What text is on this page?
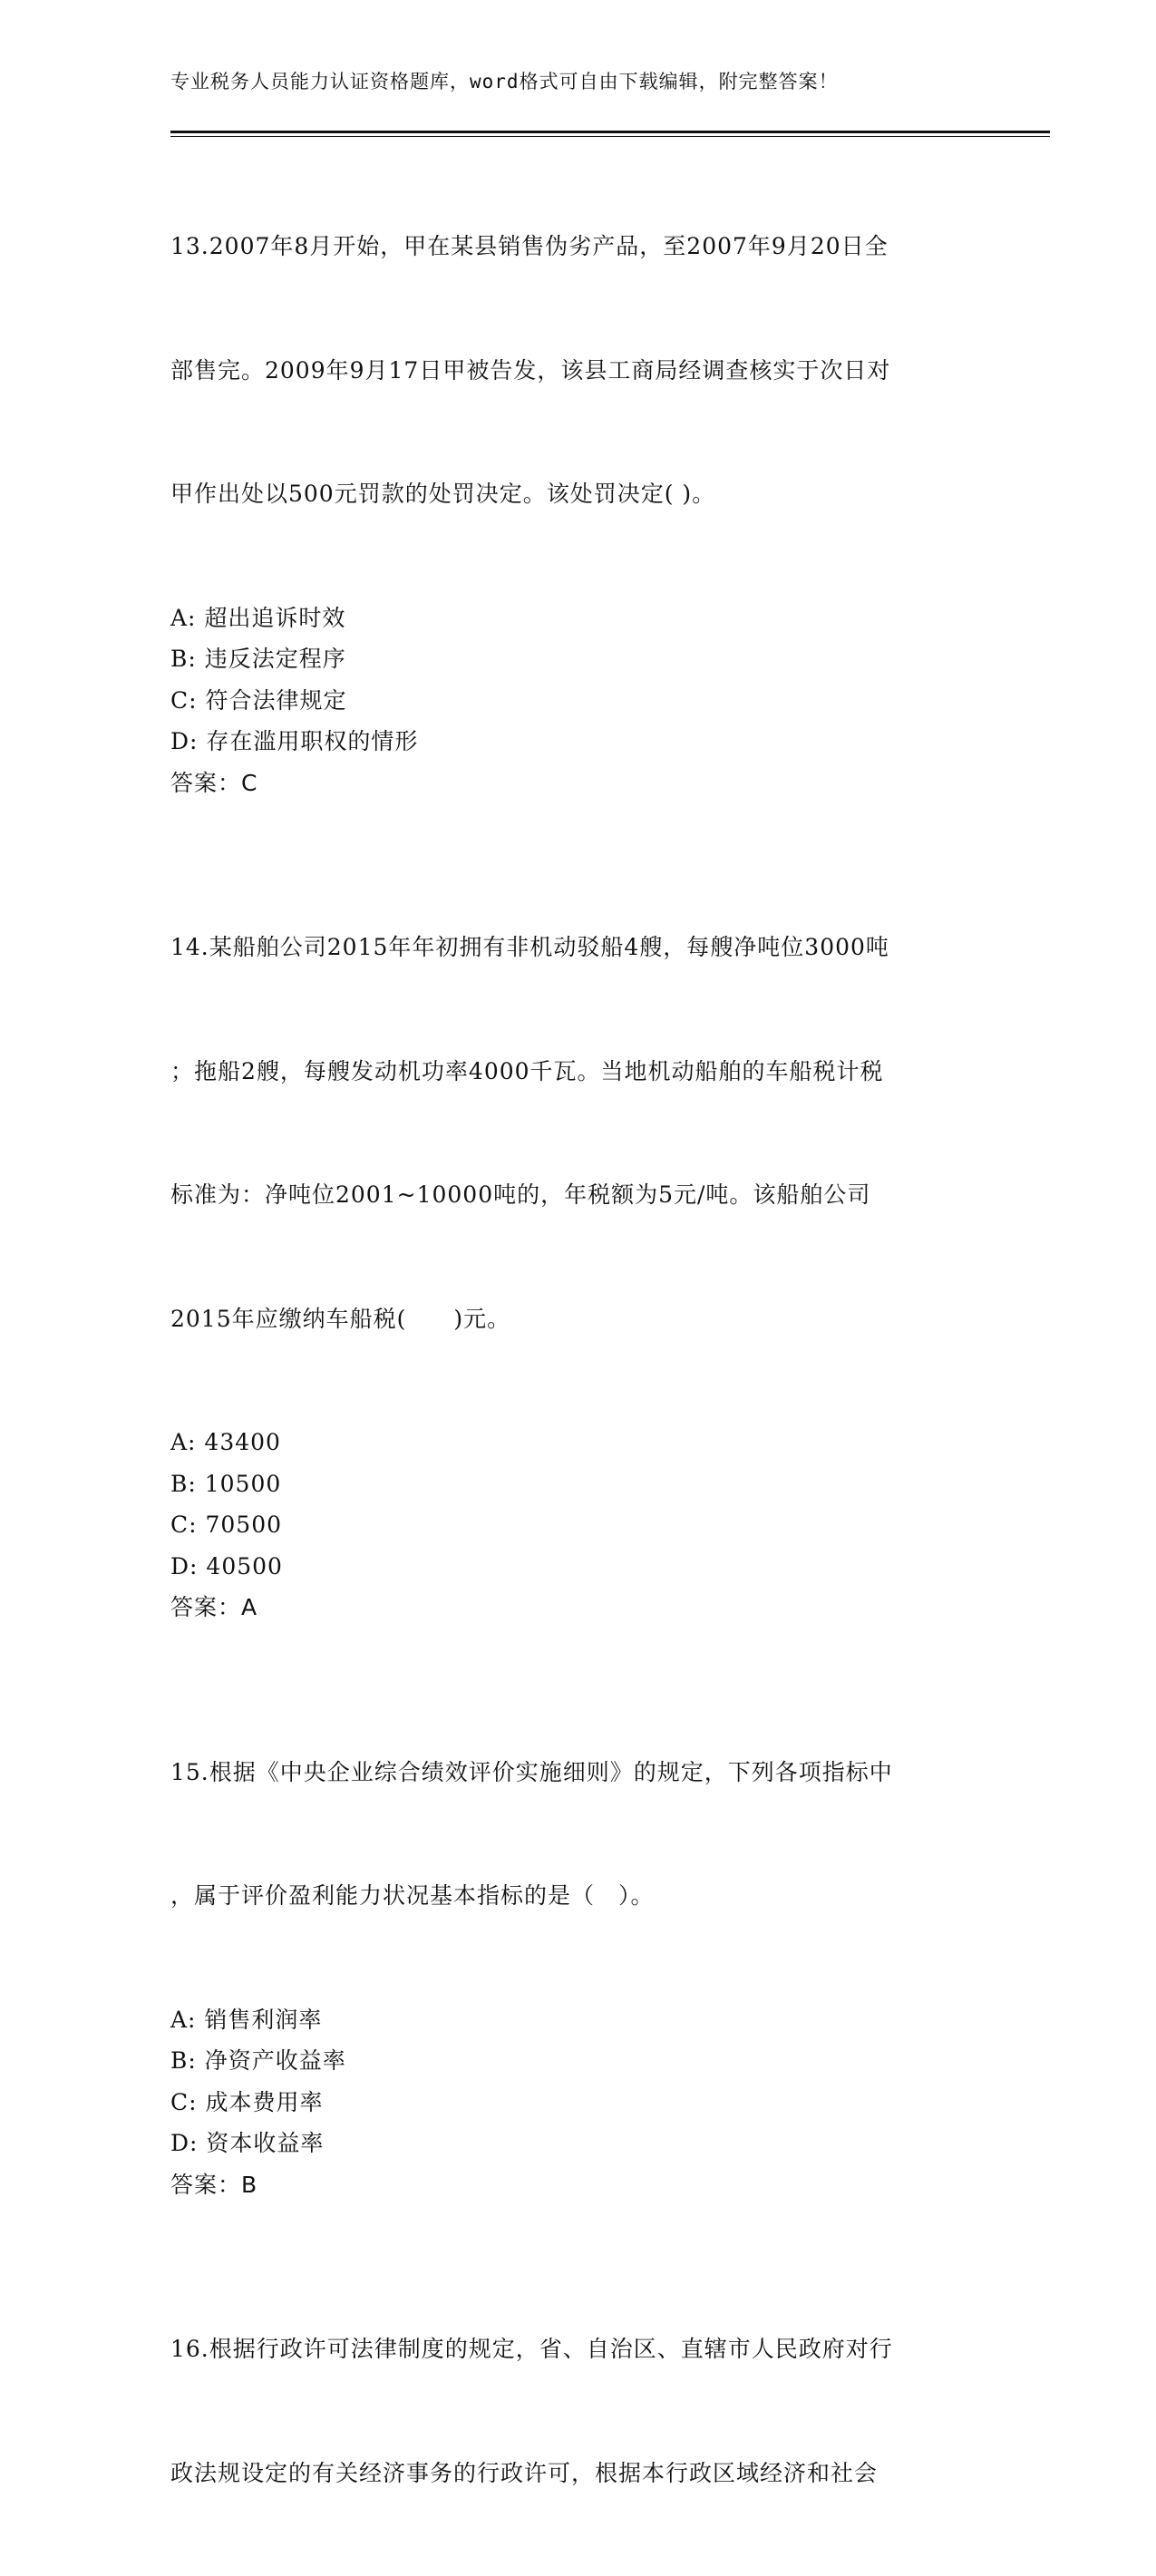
专业税务人员能力认证资格题库，word格式可自由下载编辑，附完整答案！

13.2007年8月开始，甲在某县销售伪劣产品，至2007年9月20日全

部售完。2009年9月17日甲被告发，该县工商局经调查核实于次日对

甲作出处以500元罚款的处罚决定。该处罚决定( )。

A: 超出追诉时效
B: 违反法定程序
C: 符合法律规定
D: 存在滥用职权的情形
答案：C

14.某船舶公司2015年年初拥有非机动驳船4艘，每艘净吨位3000吨

；拖船2艘，每艘发动机功率4000千瓦。当地机动船舶的车船税计税

标准为：净吨位2001~10000吨的，年税额为5元/吨。该船舶公司

2015年应缴纳车船税(　　)元。

A: 43400
B: 10500
C: 70500
D: 40500
答案：A

15.根据《中央企业综合绩效评价实施细则》的规定，下列各项指标中

，属于评价盈利能力状况基本指标的是（　）。

A: 销售利润率
B: 净资产收益率
C: 成本费用率
D: 资本收益率
答案：B

16.根据行政许可法律制度的规定，省、自治区、直辖市人民政府对行

政法规设定的有关经济事务的行政许可，根据本行政区域经济和社会
